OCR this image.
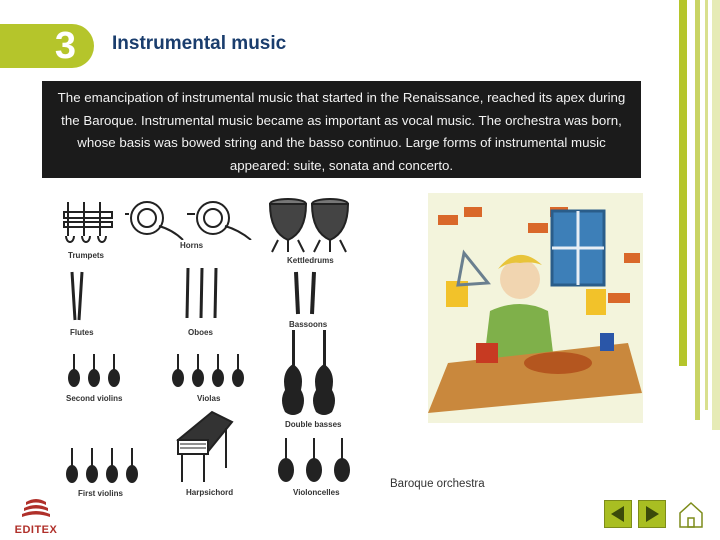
3 Instrumental music
The emancipation of instrumental music that started in the Renaissance, reached its apex during the Baroque. Instrumental music became as important as vocal music. The orchestra was born, whose basis was bowed string and the basso continuo. Large forms of instrumental music appeared: suite, sonata and concerto.
Trumpets
Horns
Kettledrums
Flutes	Oboes
Bassoons
Second violins	Violas
Double basses
First violins	Harpsichord	Violoncelles
Baroque orchestra
EDITEX
